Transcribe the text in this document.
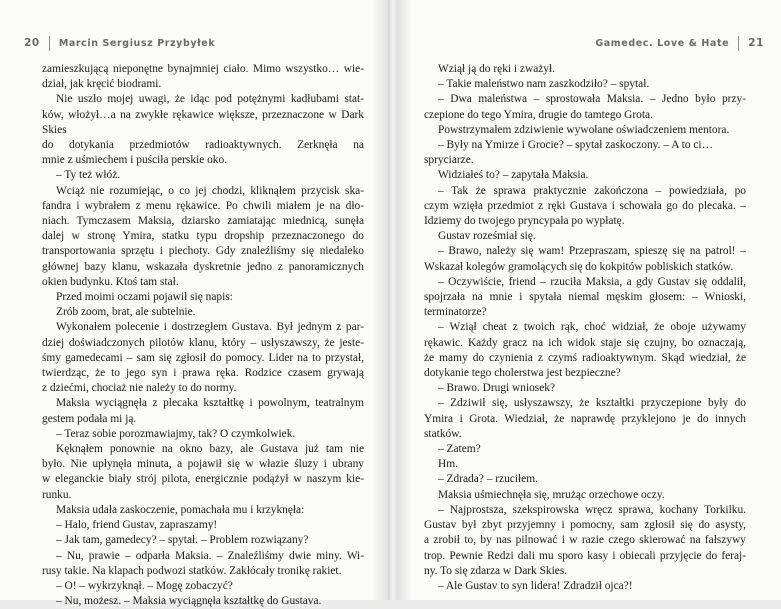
20 Marcin Sergiusz Przybyłek
zamieszkującą nieponętne bynajmniej ciało. Mimo wszystko… wie-
dział, jak kręcić biodrami.
Nie uszło mojej uwagi, że idąc pod potężnymi kadłubami stat-
ków, włożył…a na zwykłe rękawice większe, przeznaczone w Dark Skies
do dotykania przedmiotów radioaktywnych. Zerknęła na
mnie z uśmiechem i puściła perskie oko.
– Ty też włóż.
Wciąż nie rozumiejąc, o co jej chodzi, kliknąłem przycisk ska-
fandra i wybrałem z menu rękawice. Po chwili miałem je na dło-
niach. Tymczasem Maksia, dziarsko zamiatając miednicą, sunęła
dalej w stronę Ymira, statku typu dropship przeznaczonego do
transportowania sprzętu i piechoty. Gdy znaleźliśmy się niedaleko
głównej bazy klanu, wskazała dyskretnie jedno z panoramicznych
okien budynku. Ktoś tam stał.
Przed moimi oczami pojawił się napis:
Zrób zoom, brat, ale subtelnie.
Wykonałem polecenie i dostrzegłem Gustava. Był jednym z par-
dziej doświadczonych pilotów klanu, który – usłyszawszy, że jeste-
śmy gamedecami – sam się zgłosił do pomocy. Lider na to przystał,
twierdząc, że to jego syn i prawa ręka. Rodzice czasem grywają
z dziećmi, chociaż nie należy to do normy.
Maksia wyciągnęła z plecaka kształtkę i powolnym, teatralnym
gestem podała mi ją.
– Teraz sobie porozmawiajmy, tak? O czymkolwiek.
Kęknąłem ponownie na okno bazy, ale Gustava już tam nie
było. Nie upłynęła minuta, a pojawił się w włazie śluzy i ubrany
w eleganckie biały strój pilota, energicznie podążył w naszym kie-
runku.
Maksia udała zaskoczenie, pomachała mu i krzyknęła:
– Halo, friend Gustav, zapraszamy!
– Jak tam, gamedecy? – spytał. – Problem rozwiązany?
– Nu, prawie – odparła Maksia. – Znaleźliśmy dwie miny. Wi-
rusy takie. Na klapach podwozi statków. Zakłócały tronikę rakiet.
– O! – wykrzyknął. – Mogę zobaczyć?
– Nu, możesz. – Maksia wyciągnęła kształtkę do Gustava.
Gamedec. Love & Hate 21
Wziął ją do ręki i zważył.
– Takie maleństwo nam zaszkodziło? – spytał.
– Dwa maleństwa – sprostowała Maksia. – Jedno było przy-
czepione do tego Ymira, drugie do tamtego Grota.
Powstrzymałem zdziwienie wywołane oświadczeniem mentora.
– Były na Ymirze i Grocie? – spytał zaskoczony. – A to ci…
spryciarze.
Widziałeś to? – zapytała Maksia.
– Tak że sprawa praktycznie zakończona – powiedziała, po
czym wzięła przedmiot z ręki Gustava i schowała go do plecaka. –
Idziemy do twojego pryncypała po wypłatę.
Gustav roześmiał się.
– Brawo, należy się wam! Przepraszam, spieszę się na patrol! –
Wskazał kolegów gramolących się do kokpitów pobliskich statków.
– Oczywiście, friend – rzuciła Maksia, a gdy Gustav się oddalił,
spojrzała na mnie i spytała niemal męskim głosem: – Wnioski,
terminatorze?
– Wziął cheat z twoich rąk, choć widział, że oboje używamy
rękawic. Każdy gracz na ich widok staje się czujny, bo oznaczają,
że mamy do czynienia z czymś radioaktywnym. Skąd wiedział, że
dotykanie tego cholerstwa jest bezpieczne?
– Brawo. Drugi wniosek?
– Zdziwił się, usłyszawszy, że kształtki przyczepione były do
Ymira i Grota. Wiedział, że naprawdę przyklejono je do innych
statków.
– Zatem?
Hm.
– Zdrada? – rzuciłem.
Maksia uśmiechnęła się, mrużąc orzechowe oczy.
– Najprostsza, szekspirowska wręcz sprawa, kochany Torkilku.
Gustav był zbyt przyjemny i pomocny, sam zgłosił się do asysty,
a zrobił to, by nas pilnować i w razie czego skierować na fałszywy
trop. Pewnie Redzi dali mu sporo kasy i obiecali przyjęcie do feraj-
ny. To się zdarza w Dark Skies.
– Ale Gustav to syn lidera! Zdradził ojca?!
